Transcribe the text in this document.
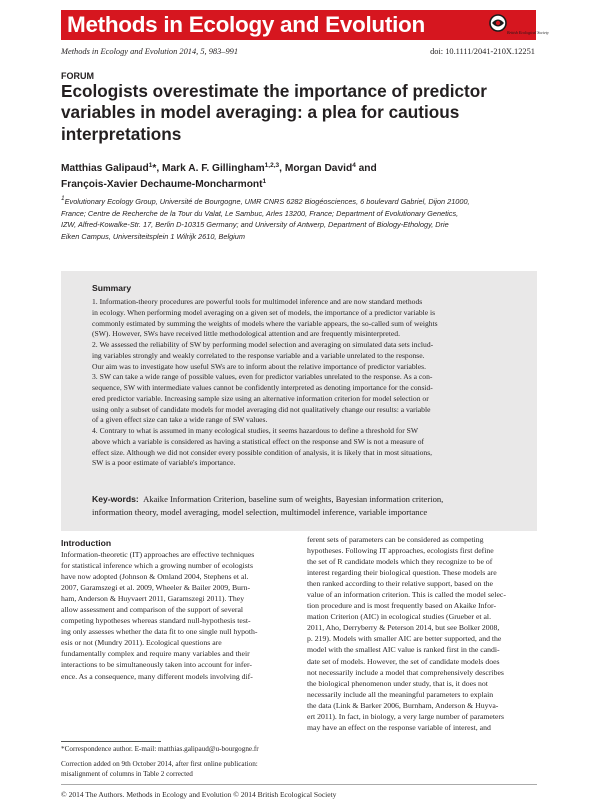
Methods in Ecology and Evolution	British Ecological Society
Methods in Ecology and Evolution 2014, 5, 983–991	doi: 10.1111/2041-210X.12251
FORUM
Ecologists overestimate the importance of predictor
variables in model averaging: a plea for cautious
interpretations
Matthias Galipaud$^1$*, Mark A. F. Gillingham$^{1,2,3}$, Morgan David$^4$ and
François-Xavier Dechaume-Moncharmont$^1$
$^1$Evolutionary Ecology Group, Université de Bourgogne, UMR CNRS 6282 Biogéosciences, 6 boulevard Gabriel, Dijon 21000,
France; Centre de Recherche de la Tour du Valat, Le Sambuc, Arles 13200, France; Department of Evolutionary Genetics,
IZW, Alfred-Kowalke-Str. 17, Berlin D-10315 Germany; and University of Antwerp, Department of Biology-Ethology, Drie
Eiken Campus, Universiteitsplein 1 Wilrijk 2610, Belgium
Summary
1. Information-theory procedures are powerful tools for multimodel inference and are now standard methods
in ecology. When performing model averaging on a given set of models, the importance of a predictor variable is
commonly estimated by summing the weights of models where the variable appears, the so-called sum of weights
(SW). However, SWs have received little methodological attention and are frequently misinterpreted.
2. We assessed the reliability of SW by performing model selection and averaging on simulated data sets includ-
ing variables strongly and weakly correlated to the response variable and a variable unrelated to the response.
Our aim was to investigate how useful SWs are to inform about the relative importance of predictor variables.
3. SW can take a wide range of possible values, even for predictor variables unrelated to the response. As a con-
sequence, SW with intermediate values cannot be confidently interpreted as denoting importance for the consid-
ered predictor variable. Increasing sample size using an alternative information criterion for model selection or
using only a subset of candidate models for model averaging did not qualitatively change our results: a variable
of a given effect size can take a wide range of SW values.
4. Contrary to what is assumed in many ecological studies, it seems hazardous to define a threshold for SW
above which a variable is considered as having a statistical effect on the response and SW is not a measure of
effect size. Although we did not consider every possible condition of analysis, it is likely that in most situations,
SW is a poor estimate of variable's importance.
Key-words: Akaike Information Criterion, baseline sum of weights, Bayesian information criterion,
information theory, model averaging, model selection, multimodel inference, variable importance
Introduction
Information-theoretic (IT) approaches are effective techniques
for statistical inference which a growing number of ecologists
have now adopted (Johnson & Omland 2004, Stephens et al.
2007, Garamszegi et al. 2009, Wheeler & Bailer 2009, Burn-
ham, Anderson & Huyvaert 2011, Garamszegi 2011). They
allow assessment and comparison of the support of several
competing hypotheses whereas standard null-hypothesis test-
ing only assesses whether the data fit to one single null hypoth-
esis or not (Mundry 2011). Ecological questions are
fundamentally complex and require many variables and their
interactions to be simultaneously taken into account for infer-
ence. As a consequence, many different models involving dif-
ferent sets of parameters can be considered as competing
hypotheses. Following IT approaches, ecologists first define
the set of R candidate models which they recognize to be of
interest regarding their biological question. These models are
then ranked according to their relative support, based on the
value of an information criterion. This is called the model selec-
tion procedure and is most frequently based on Akaike Infor-
mation Criterion (AIC) in ecological studies (Grueber et al.
2011, Aho, Derryberry & Peterson 2014, but see Bolker 2008,
p. 219). Models with smaller AIC are better supported, and the
model with the smallest AIC value is ranked first in the candi-
date set of models. However, the set of candidate models does
not necessarily include a model that comprehensively describes
the biological phenomenon under study, that is, it does not
necessarily include all the meaningful parameters to explain
the data (Link & Barker 2006, Burnham, Anderson & Huyva-
ert 2011). In fact, in biology, a very large number of parameters
may have an effect on the response variable of interest, and
*Correspondence author. E-mail: matthias.galipaud@u-bourgogne.fr
Correction added on 9th October 2014, after first online publication:
misalignment of columns in Table 2 corrected
© 2014 The Authors. Methods in Ecology and Evolution © 2014 British Ecological Society
